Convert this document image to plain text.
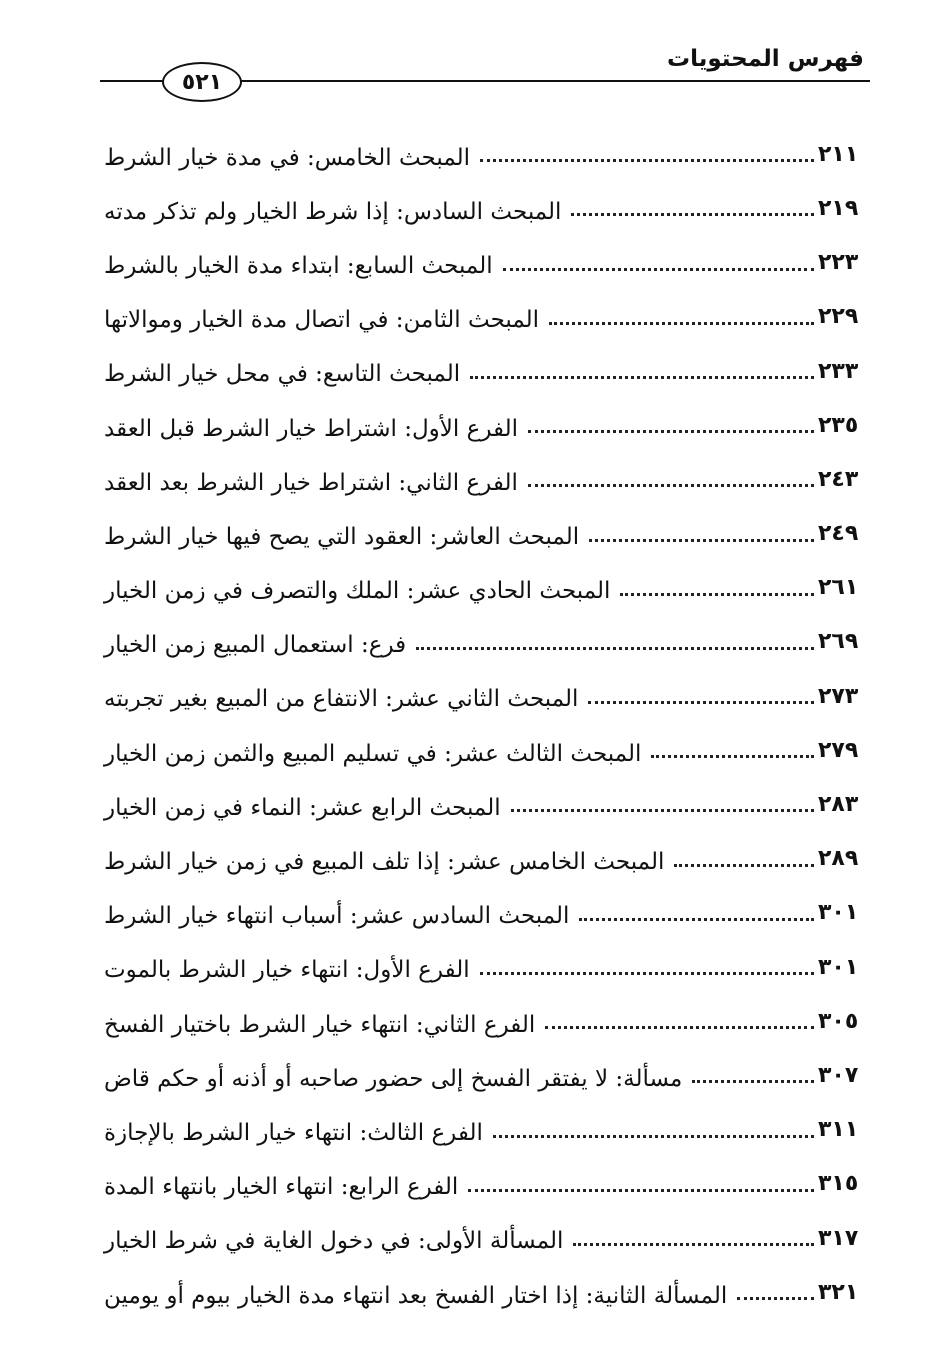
٥٢١
فهرس المحتويات
المبحث الخامس: في مدة خيار الشرط	٢١١
المبحث السادس: إذا شرط الخيار ولم تذكر مدته	٢١٩
المبحث السابع: ابتداء مدة الخيار بالشرط	٢٢٣
المبحث الثامن: في اتصال مدة الخيار وموالاتها	٢٢٩
المبحث التاسع: في محل خيار الشرط	٢٣٣
الفرع الأول: اشتراط خيار الشرط قبل العقد	٢٣٥
الفرع الثاني: اشتراط خيار الشرط بعد العقد	٢٤٣
المبحث العاشر: العقود التي يصح فيها خيار الشرط	٢٤٩
المبحث الحادي عشر: الملك والتصرف في زمن الخيار	٢٦١
فرع: استعمال المبيع زمن الخيار	٢٦٩
المبحث الثاني عشر: الانتفاع من المبيع بغير تجربته	٢٧٣
المبحث الثالث عشر: في تسليم المبيع والثمن زمن الخيار	٢٧٩
المبحث الرابع عشر: النماء في زمن الخيار	٢٨٣
المبحث الخامس عشر: إذا تلف المبيع في زمن خيار الشرط	٢٨٩
المبحث السادس عشر: أسباب انتهاء خيار الشرط	٣٠١
الفرع الأول: انتهاء خيار الشرط بالموت	٣٠١
الفرع الثاني: انتهاء خيار الشرط باختيار الفسخ	٣٠٥
مسألة: لا يفتقر الفسخ إلى حضور صاحبه أو أذنه أو حكم قاض	٣٠٧
الفرع الثالث: انتهاء خيار الشرط بالإجازة	٣١١
الفرع الرابع: انتهاء الخيار بانتهاء المدة	٣١٥
المسألة الأولى: في دخول الغاية في شرط الخيار	٣١٧
المسألة الثانية: إذا اختار الفسخ بعد انتهاء مدة الخيار بيوم أو يومين	٣٢١
